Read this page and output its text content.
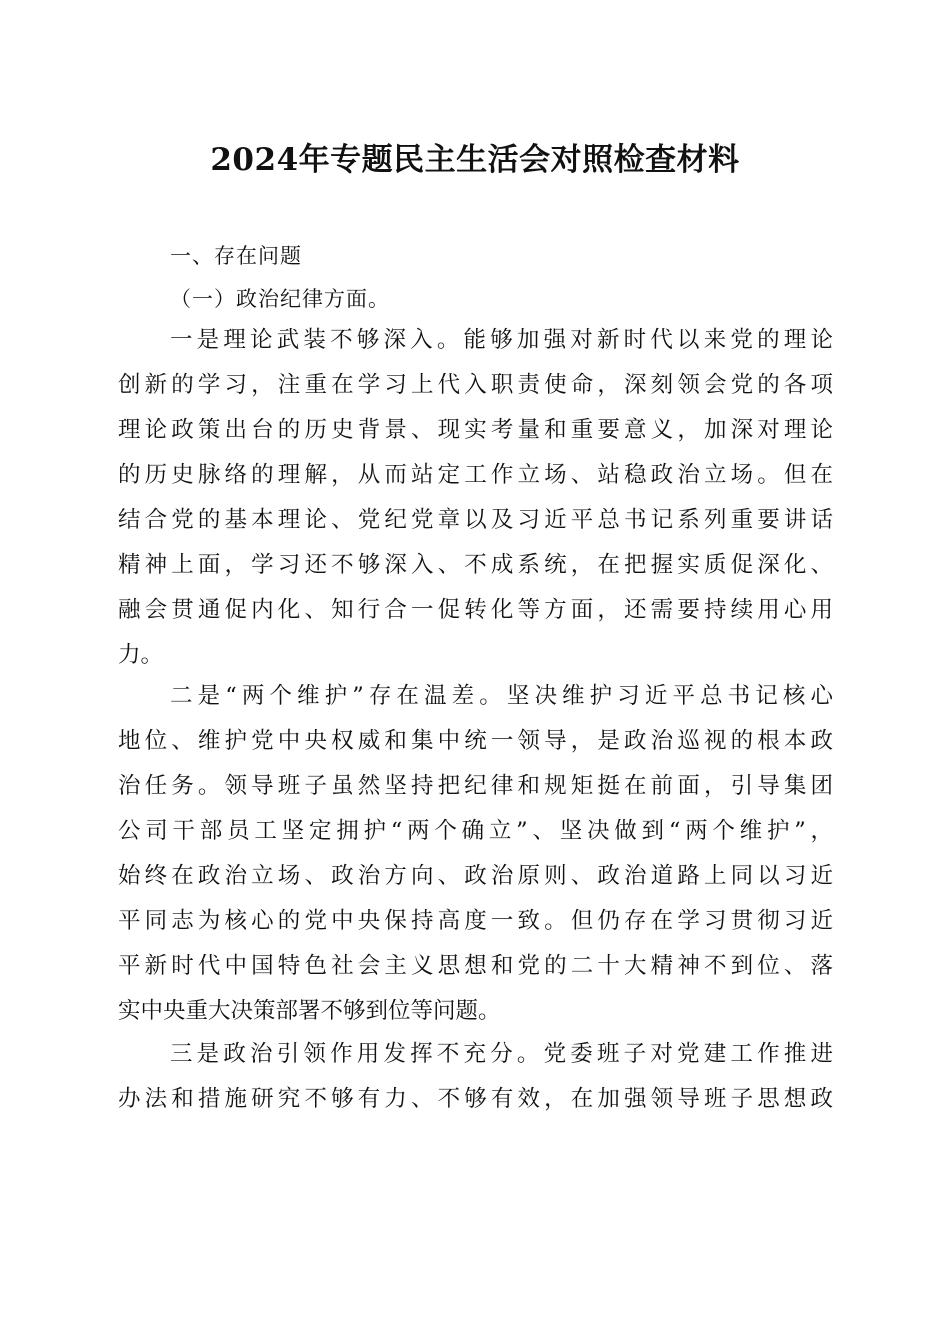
2024年专题民主生活会对照检查材料
一、存在问题
（一）政治纪律方面。
一是理论武装不够深入。能够加强对新时代以来党的理论
创新的学习，注重在学习上代入职责使命，深刻领会党的各项
理论政策出台的历史背景、现实考量和重要意义，加深对理论
的历史脉络的理解，从而站定工作立场、站稳政治立场。但在
结合党的基本理论、党纪党章以及习近平总书记系列重要讲话
精神上面，学习还不够深入、不成系统，在把握实质促深化、
融会贯通促内化、知行合一促转化等方面，还需要持续用心用
力。
二是“两个维护”存在温差。坚决维护习近平总书记核心
地位、维护党中央权威和集中统一领导，是政治巡视的根本政
治任务。领导班子虽然坚持把纪律和规矩挺在前面，引导集团
公司干部员工坚定拥护“两个确立”、坚决做到“两个维护”，
始终在政治立场、政治方向、政治原则、政治道路上同以习近
平同志为核心的党中央保持高度一致。但仍存在学习贯彻习近
平新时代中国特色社会主义思想和党的二十大精神不到位、落
实中央重大决策部署不够到位等问题。
三是政治引领作用发挥不充分。党委班子对党建工作推进
办法和措施研究不够有力、不够有效，在加强领导班子思想政
